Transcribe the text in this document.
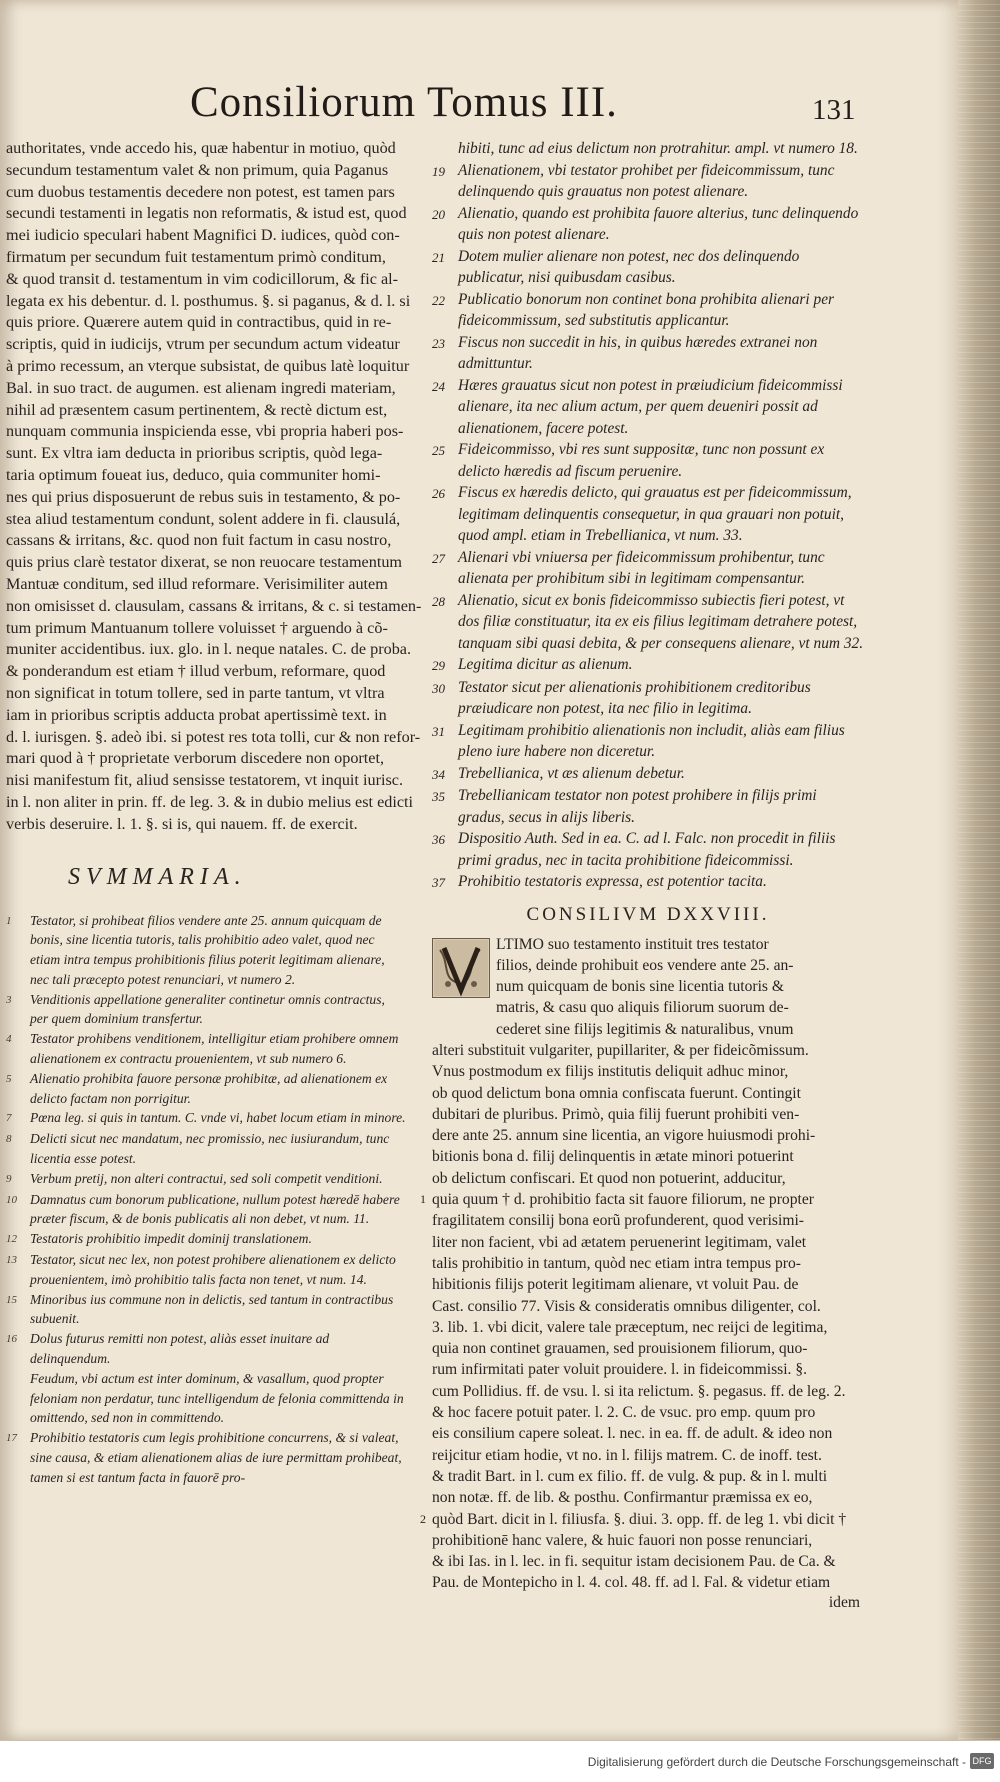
Consiliorum Tomus III.	131
authoritates, vnde accedo his, quæ habentur in motiuo, quòd
secundum testamentum valet & non primum, quia Paganus
cum duobus testamentis decedere non potest, est tamen pars
secundi testamenti in legatis non reformatis, & istud est, quod
mei iudicio speculari habent Magnifici D. iudices, quòd con-
firmatum per secundum fuit testamentum primò conditum,
& quod transit d. testamentum in vim codicillorum, & fic al-
legata ex his debentur. d. l. posthumus. §. si paganus, & d. l. si
quis priore. Quærere autem quid in contractibus, quid in re-
scriptis, quid in iudicijs, vtrum per secundum actum videatur
à primo recessum, an vterque subsistat, de quibus latè loquitur
Bal. in suo tract. de augumen. est alienam ingredi materiam,
nihil ad præsentem casum pertinentem, & rectè dictum est,
nunquam communia inspicienda esse, vbi propria haberi pos-
sunt. Ex vltra iam deducta in prioribus scriptis, quòd lega-
taria optimum foueat ius, deduco, quia communiter homi-
nes qui prius disposuerunt de rebus suis in testamento, & po-
stea aliud testamentum condunt, solent addere in fi. clausulá,
cassans & irritans, &c. quod non fuit factum in casu nostro,
quis prius clarè testator dixerat, se non reuocare testamentum
Mantuæ conditum, sed illud reformare. Verisimiliter autem
non omisisset d. clausulam, cassans & irritans, & c. si testamen-
tum primum Mantuanum tollere voluisset † arguendo à cõ-
muniter accidentibus. iux. glo. in l. neque natales. C. de proba.
& ponderandum est etiam † illud verbum, reformare, quod
non significat in totum tollere, sed in parte tantum, vt vltra
iam in prioribus scriptis adducta probat apertissimè text. in
d. l. iurisgen. §. adeò ibi. si potest res tota tolli, cur & non refor-
mari quod à † proprietate verborum discedere non oportet,
nisi manifestum fit, aliud sensisse testatorem, vt inquit iurisc.
in l. non aliter in prin. ff. de leg. 3. & in dubio melius est edicti
verbis deseruire. l. 1. §. si is, qui nauem. ff. de exercit.
SVMMARIA.
1	Testator, si prohibeat filios vendere ante 25. annum quicquam de bonis, sine licentia tutoris, talis prohibitio adeo valet, quod nec etiam intra tempus prohibitionis filius poterit legitimam alienare, nec tali præcepto potest renunciari, vt numero 2.
3	Venditionis appellatione generaliter continetur omnis contractus, per quem dominium transfertur.
4	Testator prohibens venditionem, intelligitur etiam prohibere omnem alienationem ex contractu prouenientem, vt sub numero 6.
5	Alienatio prohibita fauore personæ prohibitæ, ad alienationem ex delicto factam non porrigitur.
7	Pœna leg. si quis in tantum. C. vnde vi, habet locum etiam in minore.
8	Delicti sicut nec mandatum, nec promissio, nec iusiurandum, tunc licentia esse potest.
9	Verbum pretij, non alteri contractui, sed soli competit venditioni.
10 Damnatus cum bonorum publicatione, nullum potest hæredē habere præter fiscum, & de bonis publicatis ali non debet, vt num. 11.
12 Testatoris prohibitio impedit dominij translationem.
13 Testator, sicut nec lex, non potest prohibere alienationem ex delicto prouenientem, imò prohibitio talis facta non tenet, vt num. 14.
15 Minoribus ius commune non in delictis, sed tantum in contractibus subuenit.
16 Dolus futurus remitti non potest, aliàs esset inuitare ad delinquendum.
Feudum, vbi actum est inter dominum, & vasallum, quod propter feloniam non perdatur, tunc intelligendum de felonia committenda in omittendo, sed non in committendo.
17 Prohibitio testatoris cum legis prohibitione concurrens, & si valeat, sine causa, & etiam alienationem alias de iure permittam prohibeat, tamen si est tantum facta in fauorē pro-
hibiti, tunc ad eius delictum non protrahitur. ampl. vt numero 18.
19 Alienationem, vbi testator prohibet per fideicommissum, tunc delinquendo quis grauatus non potest alienare.
20 Alienatio, quando est prohibita fauore alterius, tunc delinquendo quis non potest alienare.
21 Dotem mulier alienare non potest, nec dos delinquendo publicatur, nisi quibusdam casibus.
22 Publicatio bonorum non continet bona prohibita alienari per fideicommissum, sed substitutis applicantur.
23 Fiscus non succedit in his, in quibus hæredes extranei non admittuntur.
24 Hæres grauatus sicut non potest in præiudicium fideicommissi alienare, ita nec alium actum, per quem deueniri possit ad alienationem, facere potest.
25 Fideicommisso, vbi res sunt suppositæ, tunc non possunt ex delicto hæredis ad fiscum peruenire.
26 Fiscus ex hæredis delicto, qui grauatus est per fideicommissum, legitimam delinquentis consequetur, in qua grauari non potuit, quod ampl. etiam in Trebellianica, vt num. 33.
27 Alienari vbi vniuersa per fideicommissum prohibentur, tunc alienata per prohibitum sibi in legitimam compensantur.
28 Alienatio, sicut ex bonis fideicommisso subiectis fieri potest, vt dos filiæ constituatur, ita ex eis filius legitimam detrahere potest, tanquam sibi quasi debita, & per consequens alienare, vt num 32.
29 Legitima dicitur as alienum.
30 Testator sicut per alienationis prohibitionem creditoribus præiudicare non potest, ita nec filio in legitima.
31 Legitimam prohibitio alienationis non includit, aliàs eam filius pleno iure habere non diceretur.
34 Trebellianica, vt æs alienum debetur.
35 Trebellianicam testator non potest prohibere in filijs primi gradus, secus in alijs liberis.
36 Dispositio Auth. Sed in ea. C. ad l. Falc. non procedit in filiis primi gradus, nec in tacita prohibitione fideicommissi.
37 Prohibitio testatoris expressa, est potentior tacita.
CONSILIVM DXXVIII.
LTIMO suo testamento instituit tres testator
filios, deinde prohibuit eos vendere ante 25. an-
num quicquam de bonis sine licentia tutoris &
matris, & casu quo aliquis filiorum suorum de-
cederet sine filijs legitimis & naturalibus, vnum
alteri substituit vulgariter, pupillariter, & per fideicõmissum.
Vnus postmodum ex filijs institutis deliquit adhuc minor,
ob quod delictum bona omnia confiscata fuerunt. Contingit
dubitari de pluribus. Primò, quia filij fuerunt prohibiti ven-
dere ante 25. annum sine licentia, an vigore huiusmodi prohi-
bitionis bona d. filij delinquentis in ætate minori potuerint
ob delictum confiscari. Et quod non potuerint, adducitur,
1 quia quum † d. prohibitio facta sit fauore filiorum, ne propter
fragilitatem consilij bona eorũ profunderent, quod verisimi-
liter non facient, vbi ad ætatem peruenerint legitimam, valet
talis prohibitio in tantum, quòd nec etiam intra tempus pro-
hibitionis filijs poterit legitimam alienare, vt voluit Pau. de
Cast. consilio 77. Visis & consideratis omnibus diligenter, col.
3. lib. 1. vbi dicit, valere tale præceptum, nec reijci de legitima,
quia non continet grauamen, sed prouisionem filiorum, quo-
rum infirmitati pater voluit prouidere. l. in fideicommissi. §.
cum Pollidius. ff. de vsu. l. si ita relictum. §. pegasus. ff. de leg. 2.
& hoc facere potuit pater. l. 2. C. de vsuc. pro emp. quum pro
eis consilium capere soleat. l. nec. in ea. ff. de adult. & ideo non
reijcitur etiam hodie, vt no. in l. filijs matrem. C. de inoff. test.
& tradit Bart. in l. cum ex filio. ff. de vulg. & pup. & in l. multi
non notæ. ff. de lib. & posthu. Confirmantur præmissa ex eo,
2 quòd Bart. dicit in l. filiusfa. §. diui. 3. opp. ff. de leg 1. vbi dicit †
prohibitionē hanc valere, & huic fauori non posse renunciari,
& ibi Ias. in l. lec. in fi. sequitur istam decisionem Pau. de Ca. &
Pau. de Montepicho in l. 4. col. 48. ff. ad l. Fal. & videtur etiam
idem
Digitalisierung gefördert durch die Deutsche Forschungsgemeinschaft - DFG
